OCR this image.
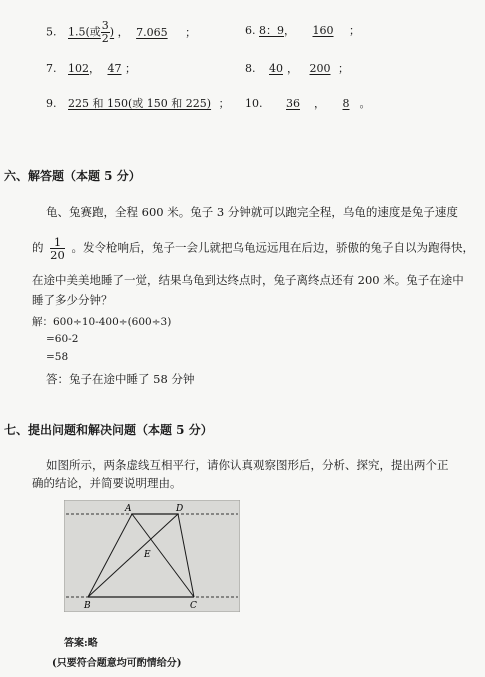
5. 1.5(或 $\frac{3}{2}$ ) ， 7.065 ；	6. 8：9， 160 ；
7. 102， 47 ；	8. 40 ， 200 ；
9. 225 和 150(或 150 和 225) ； 10. 36 ， 8 。
六、解答题（本题 5 分）
龟、兔赛跑，全程 600 米。兔子 3 分钟就可以跑完全程，乌龟的速度是兔子速度
的 $\frac{1}{20}$ 。发令枪响后，兔子一会儿就把乌龟远远甩在后边，骄傲的兔子自以为跑得快，
在途中美美地睡了一觉，结果乌龟到达终点时，兔子离终点还有 200 米。兔子在途中
睡了多少分钟？
解：600÷10-400÷(600÷3)
=60-2
=58
答：兔子在途中睡了 58 分钟
七、提出问题和解决问题（本题 5 分）
如图所示，两条虚线互相平行，请你认真观察图形后，分析、探究，提出两个正
确的结论，并简要说明理由。
A	D
E
B	C
答案:略
(只要符合题意均可酌情给分)
